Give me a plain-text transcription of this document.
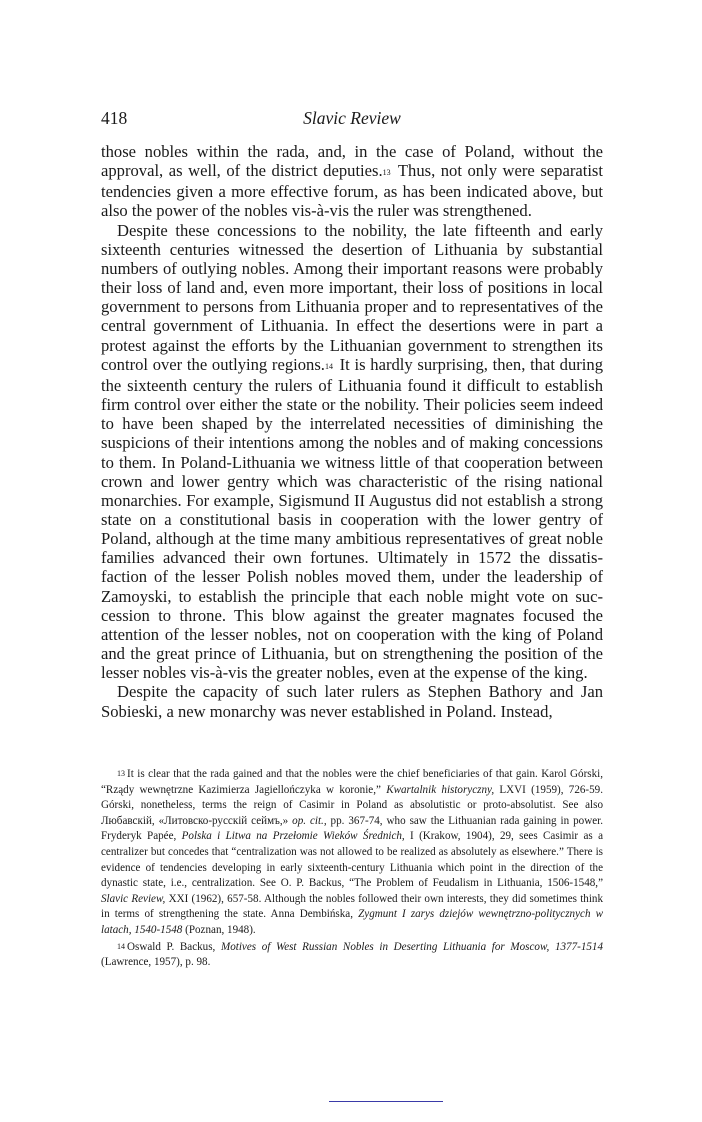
418	Slavic Review

those nobles within the rada, and, in the case of Poland, without the approval, as well, of the district deputies.$^{13}$ Thus, not only were separatist tendencies given a more effective forum, as has been indicated above, but also the power of the nobles vis-à-vis the ruler was strengthened.

Despite these concessions to the nobility, the late fifteenth and early sixteenth centuries witnessed the desertion of Lithuania by substantial numbers of outlying nobles. Among their important reasons were probably their loss of land and, even more important, their loss of positions in local government to persons from Lithuania proper and to representatives of the central government of Lithuania. In effect the desertions were in part a protest against the efforts by the Lithuanian government to strengthen its control over the outlying regions.$^{14}$ It is hardly surprising, then, that during the sixteenth century the rulers of Lithuania found it difficult to establish firm control over either the state or the nobility. Their policies seem indeed to have been shaped by the interrelated necessities of diminishing the suspicions of their intentions among the nobles and of making concessions to them. In Poland-Lithuania we witness little of that cooperation between crown and lower gentry which was characteristic of the rising national monarchies. For example, Sigismund II Augustus did not establish a strong state on a constitutional basis in cooperation with the lower gentry of Poland, although at the time many ambitious representatives of great noble families advanced their own fortunes. Ultimately in 1572 the dissatisfaction of the lesser Polish nobles moved them, under the leadership of Zamoyski, to establish the principle that each noble might vote on succession to throne. This blow against the greater magnates focused the attention of the lesser nobles, not on cooperation with the king of Poland and the great prince of Lithuania, but on strengthening the position of the lesser nobles vis-à-vis the greater nobles, even at the expense of the king.

Despite the capacity of such later rulers as Stephen Bathory and Jan Sobieski, a new monarchy was never established in Poland. Instead,

13 It is clear that the rada gained and that the nobles were the chief beneficiaries of that gain. Karol Górski, “Rządy wewnętrzne Kazimierza Jagiellończyka w koronie,” Kwartalnik historyczny, LXVI (1959), 726-59. Górski, nonetheless, terms the reign of Casimir in Poland as absolutistic or proto-absolutist. See also Любавскій, «Литовско-русскій сеймъ,» op. cit., pp. 367-74, who saw the Lithuanian rada gaining in power. Fryderyk Papée, Polska i Litwa na Przełomie Wieków Średnich, I (Krakow, 1904), 29, sees Casimir as a centralizer but concedes that “centralization was not allowed to be realized as absolutely as elsewhere.” There is evidence of tendencies developing in early sixteenth-century Lithuania which point in the direction of the dynastic state, i.e., centralization. See O. P. Backus, “The Problem of Feudalism in Lithuania, 1506-1548,” Slavic Review, XXI (1962), 657-58. Although the nobles followed their own interests, they did sometimes think in terms of strengthening the state. Anna Dembińska, Zygmunt I zarys dziejów wewnętrzno-politycznych w latach, 1540-1548 (Poznan, 1948).

14 Oswald P. Backus, Motives of West Russian Nobles in Deserting Lithuania for Moscow, 1377-1514 (Lawrence, 1957), p. 98.
